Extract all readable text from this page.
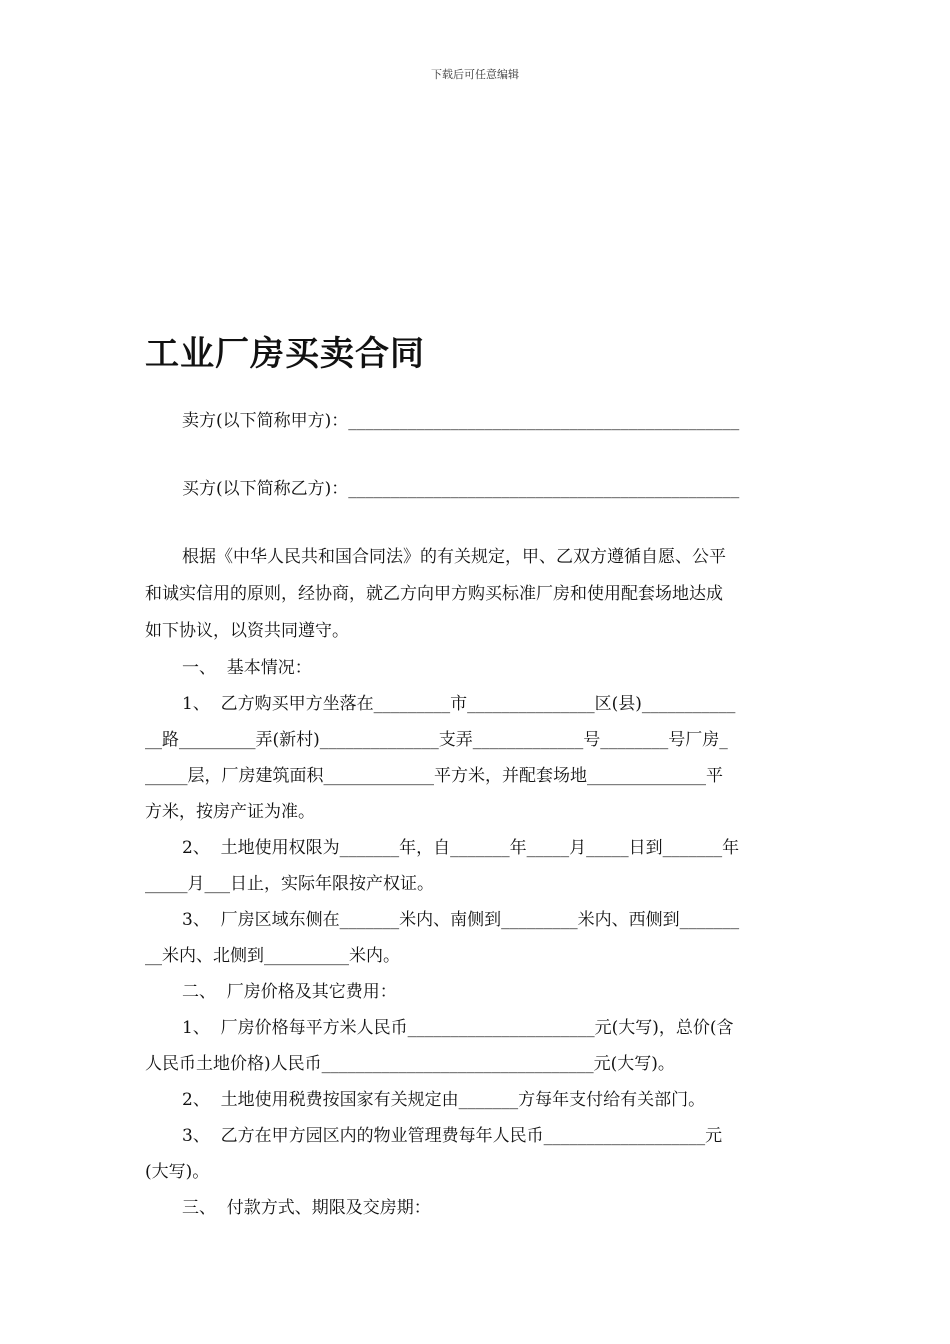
下载后可任意编辑
工业厂房买卖合同
卖方(以下简称甲方)：______________________________________________
买方(以下简称乙方)：______________________________________________
根据《中华人民共和国合同法》的有关规定，甲、乙双方遵循自愿、公平
和诚实信用的原则，经协商，就乙方向甲方购买标准厂房和使用配套场地达成
如下协议，以资共同遵守。
一、  基本情况：
1、  乙方购买甲方坐落在_________市_______________区(县)___________
__路_________弄(新村)______________支弄_____________号________号厂房_
_____层，厂房建筑面积_____________平方米，并配套场地______________平
方米，按房产证为准。
2、  土地使用权限为_______年，自_______年_____月_____日到_______年
_____月___日止，实际年限按产权证。
3、  厂房区域东侧在_______米内、南侧到_________米内、西侧到_______
__米内、北侧到__________米内。
二、  厂房价格及其它费用：
1、  厂房价格每平方米人民币______________________元(大写)，总价(含
人民币土地价格)人民币________________________________元(大写)。
2、  土地使用税费按国家有关规定由_______方每年支付给有关部门。
3、  乙方在甲方园区内的物业管理费每年人民币___________________元
(大写)。
三、  付款方式、期限及交房期：
